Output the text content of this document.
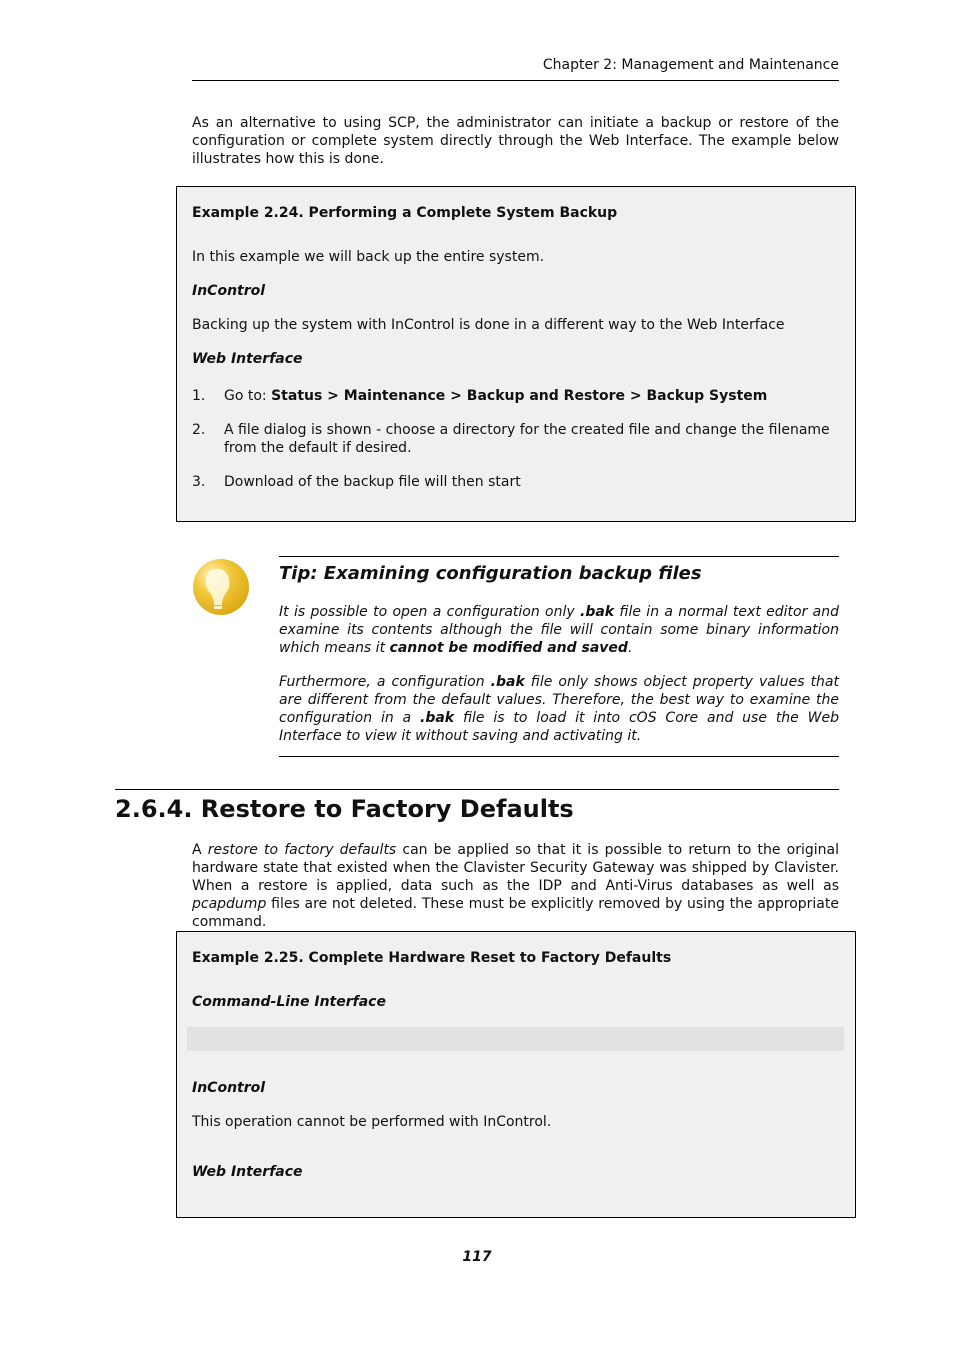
Chapter 2: Management and Maintenance

As an alternative to using SCP, the administrator can initiate a backup or restore of the configuration or complete system directly through the Web Interface. The example below illustrates how this is done.

Example 2.24. Performing a Complete System Backup
In this example we will back up the entire system.
InControl
Backing up the system with InControl is done in a different way to the Web Interface
Web Interface
1. Go to: Status > Maintenance > Backup and Restore > Backup System
2. A file dialog is shown - choose a directory for the created file and change the filename from the default if desired.
3. Download of the backup file will then start
Tip: Examining configuration backup files

It is possible to open a configuration only .bak file in a normal text editor and examine its contents although the file will contain some binary information which means it cannot be modified and saved.

Furthermore, a configuration .bak file only shows object property values that are different from the default values. Therefore, the best way to examine the configuration in a .bak file is to load it into cOS Core and use the Web Interface to view it without saving and activating it.

2.6.4. Restore to Factory Defaults

A restore to factory defaults can be applied so that it is possible to return to the original hardware state that existed when the Clavister Security Gateway was shipped by Clavister. When a restore is applied, data such as the IDP and Anti-Virus databases as well as pcapdump files are not deleted. These must be explicitly removed by using the appropriate command.

Example 2.25. Complete Hardware Reset to Factory Defaults
Command-Line Interface
InControl
This operation cannot be performed with InControl.
Web Interface
117
